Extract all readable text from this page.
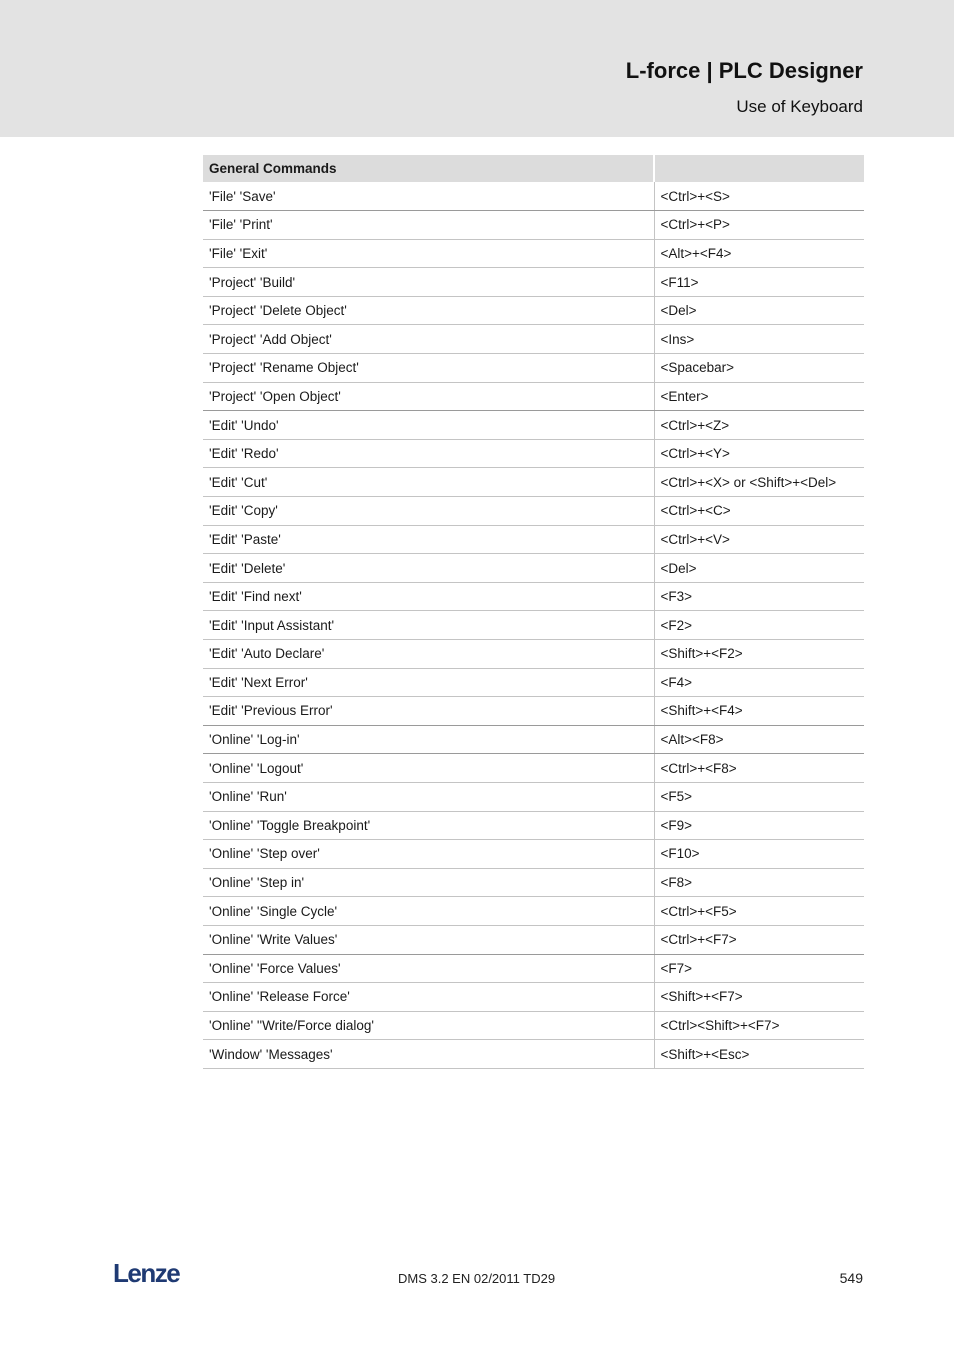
L-force | PLC Designer
Use of Keyboard
General Commands	
'File' 'Save'	<Ctrl>+<S>
'File' 'Print'	<Ctrl>+<P>
'File' 'Exit'	<Alt>+<F4>
'Project' 'Build'	<F11>
'Project' 'Delete Object'	<Del>
'Project' 'Add Object'	<Ins>
'Project' 'Rename Object'	<Spacebar>
'Project' 'Open Object'	<Enter>
'Edit' 'Undo'	<Ctrl>+<Z>
'Edit' 'Redo'	<Ctrl>+<Y>
'Edit' 'Cut'	<Ctrl>+<X> or <Shift>+<Del>
'Edit' 'Copy'	<Ctrl>+<C>
'Edit' 'Paste'	<Ctrl>+<V>
'Edit' 'Delete'	<Del>
'Edit' 'Find next'	<F3>
'Edit' 'Input Assistant'	<F2>
'Edit' 'Auto Declare'	<Shift>+<F2>
'Edit' 'Next Error'	<F4>
'Edit' 'Previous Error'	<Shift>+<F4>
'Online' 'Log-in'	<Alt><F8>
'Online' 'Logout'	<Ctrl>+<F8>
'Online' 'Run'	<F5>
'Online' 'Toggle Breakpoint'	<F9>
'Online' 'Step over'	<F10>
'Online' 'Step in'	<F8>
'Online' 'Single Cycle'	<Ctrl>+<F5>
'Online' 'Write Values'	<Ctrl>+<F7>
'Online' 'Force Values'	<F7>
'Online' 'Release Force'	<Shift>+<F7>
'Online' ''Write/Force dialog'	<Ctrl><Shift>+<F7>
'Window' 'Messages'	<Shift>+<Esc>
Lenze	DMS 3.2 EN 02/2011 TD29	549
